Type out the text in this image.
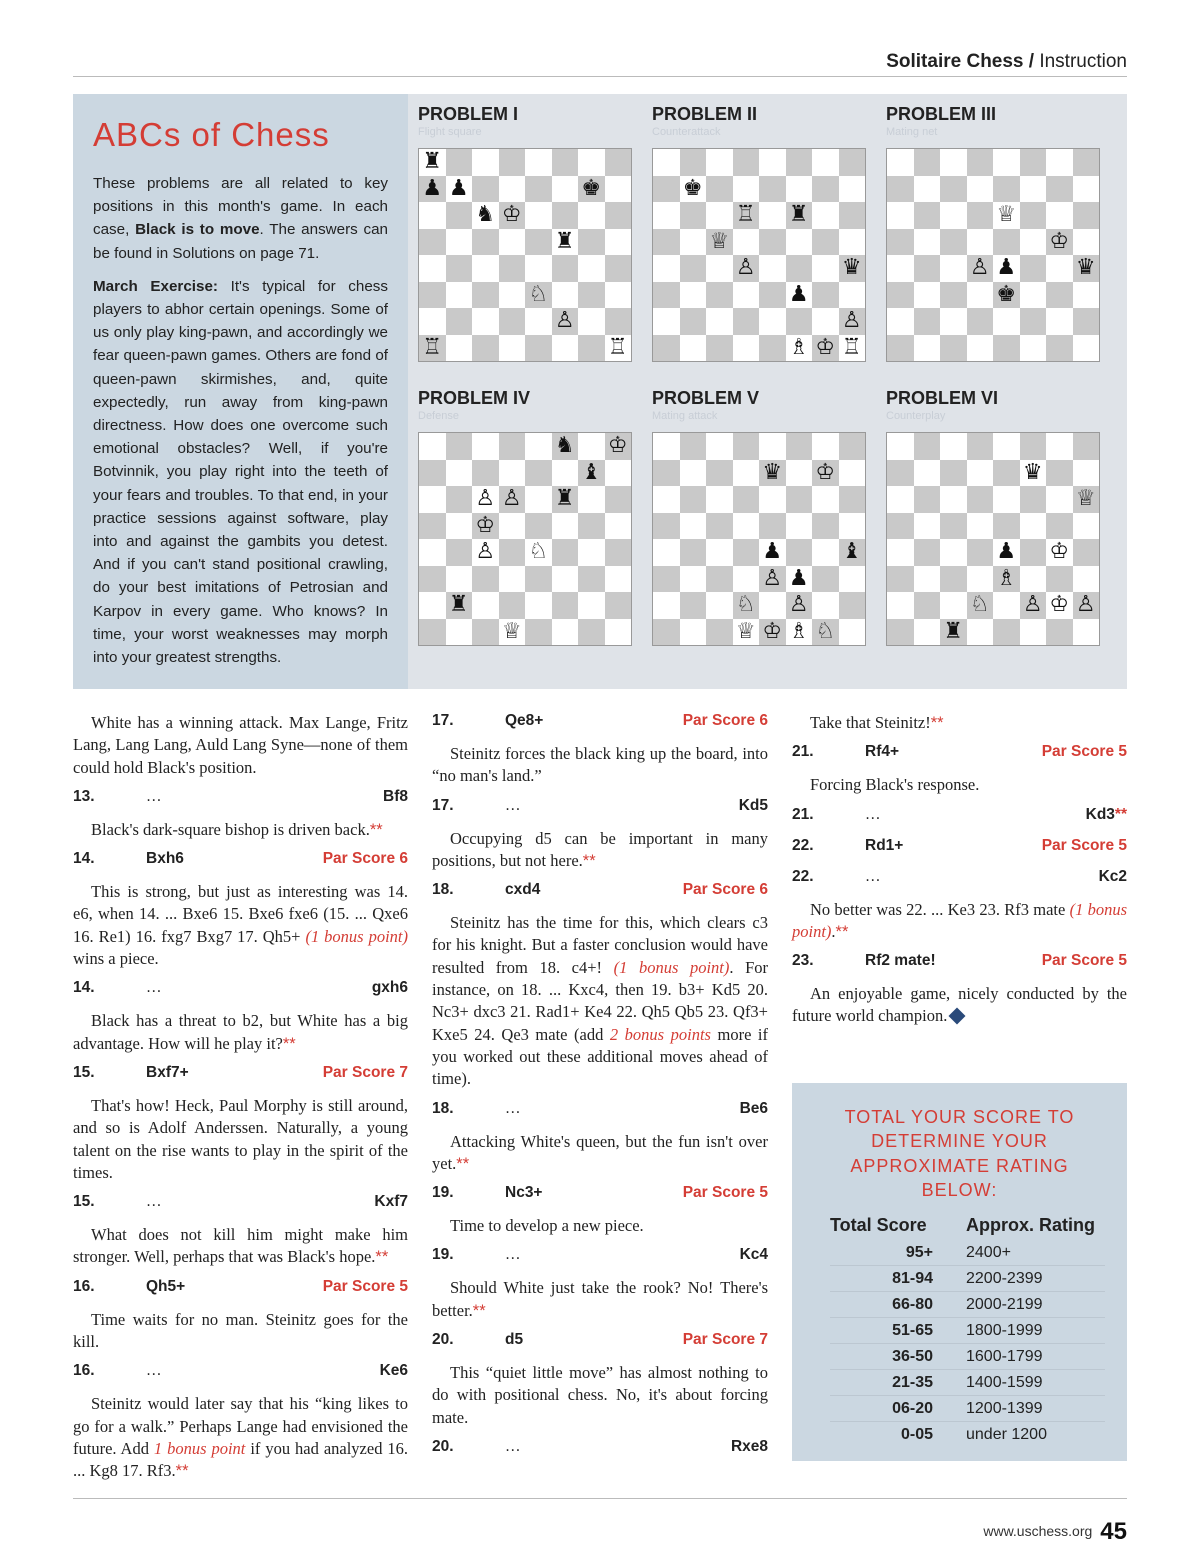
Solitaire Chess / Instruction
ABCs of Chess

These problems are all related to key positions in this month's game. In each case, Black is to move. The answers can be found in Solutions on page 71.

March Exercise: It's typical for chess players to abhor certain openings. Some of us only play king-pawn, and accordingly we fear queen-pawn games. Others are fond of queen-pawn skirmishes, and, quite expectedly, run away from king-pawn directness. How does one overcome such emotional obstacles? Well, if you're Botvinnik, you play right into the teeth of your fears and troubles. To that end, in your practice sessions against software, play into and against the gambits you detest. And if you can't stand positional crawling, do your best imitations of Petrosian and Karpov in every game. Who knows? In time, your worst weaknesses may morph into your greatest strengths.

PROBLEM I
Flight square
♜
♟ ♟	♚
♞ ♔
♜
♘
♙
♖	♖
PROBLEM II
Counterattack
♚
♖ ♜
♕
♙	♛
♟
♙
♗ ♔ ♖
PROBLEM III
Mating net
♕
♔
♙ ♟	♛
♚
PROBLEM IV
Defense
♞ ♔
♝
♙ ♙ ♜
♔
♙ ♘
♜
♕
PROBLEM V
Mating attack
♛ ♔
♟	♝
♙ ♟
♘ ♙
♕ ♔ ♗ ♘
PROBLEM VI
Counterplay
♛
♕
♟ ♔
♗
♘ ♙ ♔ ♙
♜
White has a winning attack. Max Lange, Fritz Lang, Lang Lang, Auld Lang Syne—none of them could hold Black's position.
13.	…	Bf8
Black's dark-square bishop is driven back.**
14.	Bxh6	Par Score 6
This is strong, but just as interesting was 14. e6, when 14. ... Bxe6 15. Bxe6 fxe6 (15. ... Qxe6 16. Re1) 16. fxg7 Bxg7 17. Qh5+ (1 bonus point) wins a piece.
14.	…	gxh6
Black has a threat to b2, but White has a big advantage. How will he play it?**
15.	Bxf7+	Par Score 7
That's how! Heck, Paul Morphy is still around, and so is Adolf Anderssen. Naturally, a young talent on the rise wants to play in the spirit of the times.
15.	…	Kxf7
What does not kill him might make him stronger. Well, perhaps that was Black's hope.**
16.	Qh5+	Par Score 5
Time waits for no man. Steinitz goes for the kill.
16.	…	Ke6
Steinitz would later say that his “king likes to go for a walk.” Perhaps Lange had envisioned the future. Add 1 bonus point if you had analyzed 16. ... Kg8 17. Rf3.**
17.	Qe8+	Par Score 6
Steinitz forces the black king up the board, into “no man's land.”
17.	…	Kd5
Occupying d5 can be important in many positions, but not here.**
18.	cxd4	Par Score 6
Steinitz has the time for this, which clears c3 for his knight. But a faster conclusion would have resulted from 18. c4+! (1 bonus point). For instance, on 18. ... Kxc4, then 19. b3+ Kd5 20. Nc3+ dxc3 21. Rad1+ Ke4 22. Qh5 Qb5 23. Qf3+ Kxe5 24. Qe3 mate (add 2 bonus points more if you worked out these additional moves ahead of time).
18.	…	Be6
Attacking White's queen, but the fun isn't over yet.**
19.	Nc3+	Par Score 5
Time to develop a new piece.
19.	…	Kc4
Should White just take the rook? No! There's better.**
20.	d5	Par Score 7
This “quiet little move” has almost nothing to do with positional chess. No, it's about forcing mate.
20.	…	Rxe8
Take that Steinitz!**
21.	Rf4+	Par Score 5
Forcing Black's response.
21.	…	Kd3**
22.	Rd1+	Par Score 5
22.	…	Kc2
No better was 22. ... Ke3 23. Rf3 mate (1 bonus point).**
23.	Rf2 mate!	Par Score 5
An enjoyable game, nicely conducted by the future world champion.
TOTAL YOUR SCORE TO
DETERMINE YOUR
APPROXIMATE RATING
BELOW:
Total Score Approx. Rating
95+ 2400+
81-94 2200-2399
66-80 2000-2199
51-65 1800-1999
36-50 1600-1799
21-35 1400-1599
06-20 1200-1399
0-05 under 1200
www.uschess.org 45
